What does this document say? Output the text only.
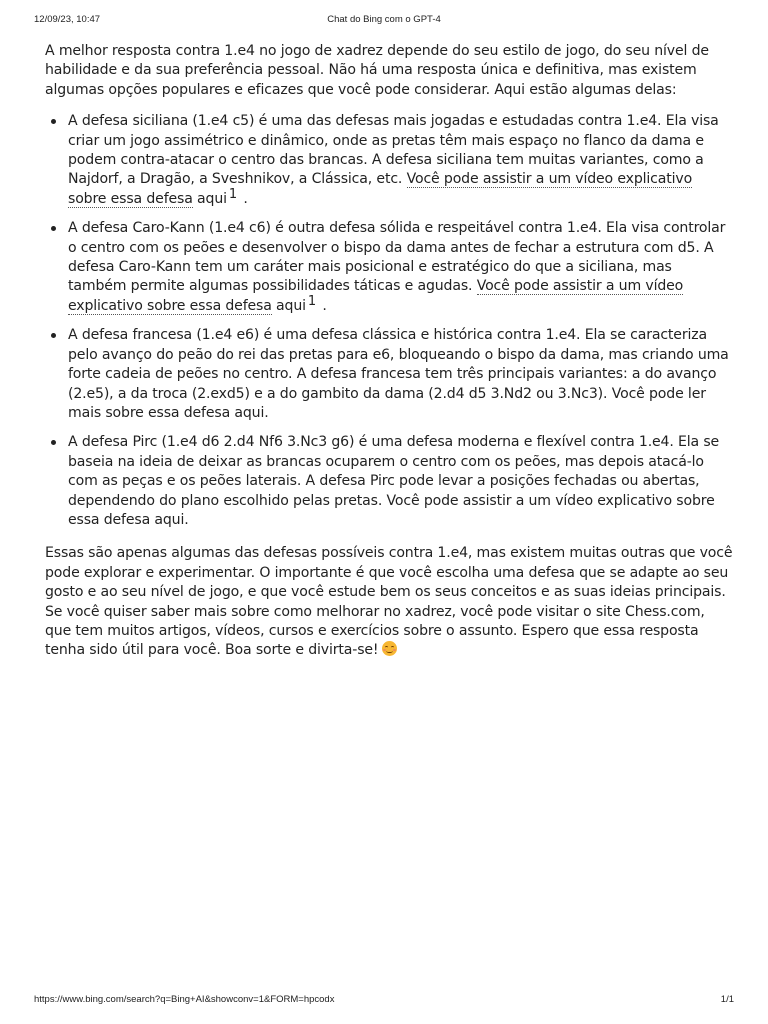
12/09/23, 10:47	Chat do Bing com o GPT-4

A melhor resposta contra 1.e4 no jogo de xadrez depende do seu estilo de jogo, do seu nível de habilidade e da sua preferência pessoal. Não há uma resposta única e definitiva, mas existem algumas opções populares e eficazes que você pode considerar. Aqui estão algumas delas:

A defesa siciliana (1.e4 c5) é uma das defesas mais jogadas e estudadas contra 1.e4. Ela visa criar um jogo assimétrico e dinâmico, onde as pretas têm mais espaço no flanco da dama e podem contra-atacar o centro das brancas. A defesa siciliana tem muitas variantes, como a Najdorf, a Dragão, a Sveshnikov, a Clássica, etc. Você pode assistir a um vídeo explicativo sobre essa defesa aqui $^1$ .
A defesa Caro-Kann (1.e4 c6) é outra defesa sólida e respeitável contra 1.e4. Ela visa controlar o centro com os peões e desenvolver o bispo da dama antes de fechar a estrutura com d5. A defesa Caro-Kann tem um caráter mais posicional e estratégico do que a siciliana, mas também permite algumas possibilidades táticas e agudas. Você pode assistir a um vídeo explicativo sobre essa defesa aqui $^1$ .
A defesa francesa (1.e4 e6) é uma defesa clássica e histórica contra 1.e4. Ela se caracteriza pelo avanço do peão do rei das pretas para e6, bloqueando o bispo da dama, mas criando uma forte cadeia de peões no centro. A defesa francesa tem três principais variantes: a do avanço (2.e5), a da troca (2.exd5) e a do gambito da dama (2.d4 d5 3.Nd2 ou 3.Nc3). Você pode ler mais sobre essa defesa aqui.
A defesa Pirc (1.e4 d6 2.d4 Nf6 3.Nc3 g6) é uma defesa moderna e flexível contra 1.e4. Ela se baseia na ideia de deixar as brancas ocuparem o centro com os peões, mas depois atacá-lo com as peças e os peões laterais. A defesa Pirc pode levar a posições fechadas ou abertas, dependendo do plano escolhido pelas pretas. Você pode assistir a um vídeo explicativo sobre essa defesa aqui.

Essas são apenas algumas das defesas possíveis contra 1.e4, mas existem muitas outras que você pode explorar e experimentar. O importante é que você escolha uma defesa que se adapte ao seu gosto e ao seu nível de jogo, e que você estude bem os seus conceitos e as suas ideias principais. Se você quiser saber mais sobre como melhorar no xadrez, você pode visitar o site Chess.com, que tem muitos artigos, vídeos, cursos e exercícios sobre o assunto. Espero que essa resposta tenha sido útil para você. Boa sorte e divirta-se!

https://www.bing.com/search?q=Bing+AI&showconv=1&FORM=hpcodx	1/1
